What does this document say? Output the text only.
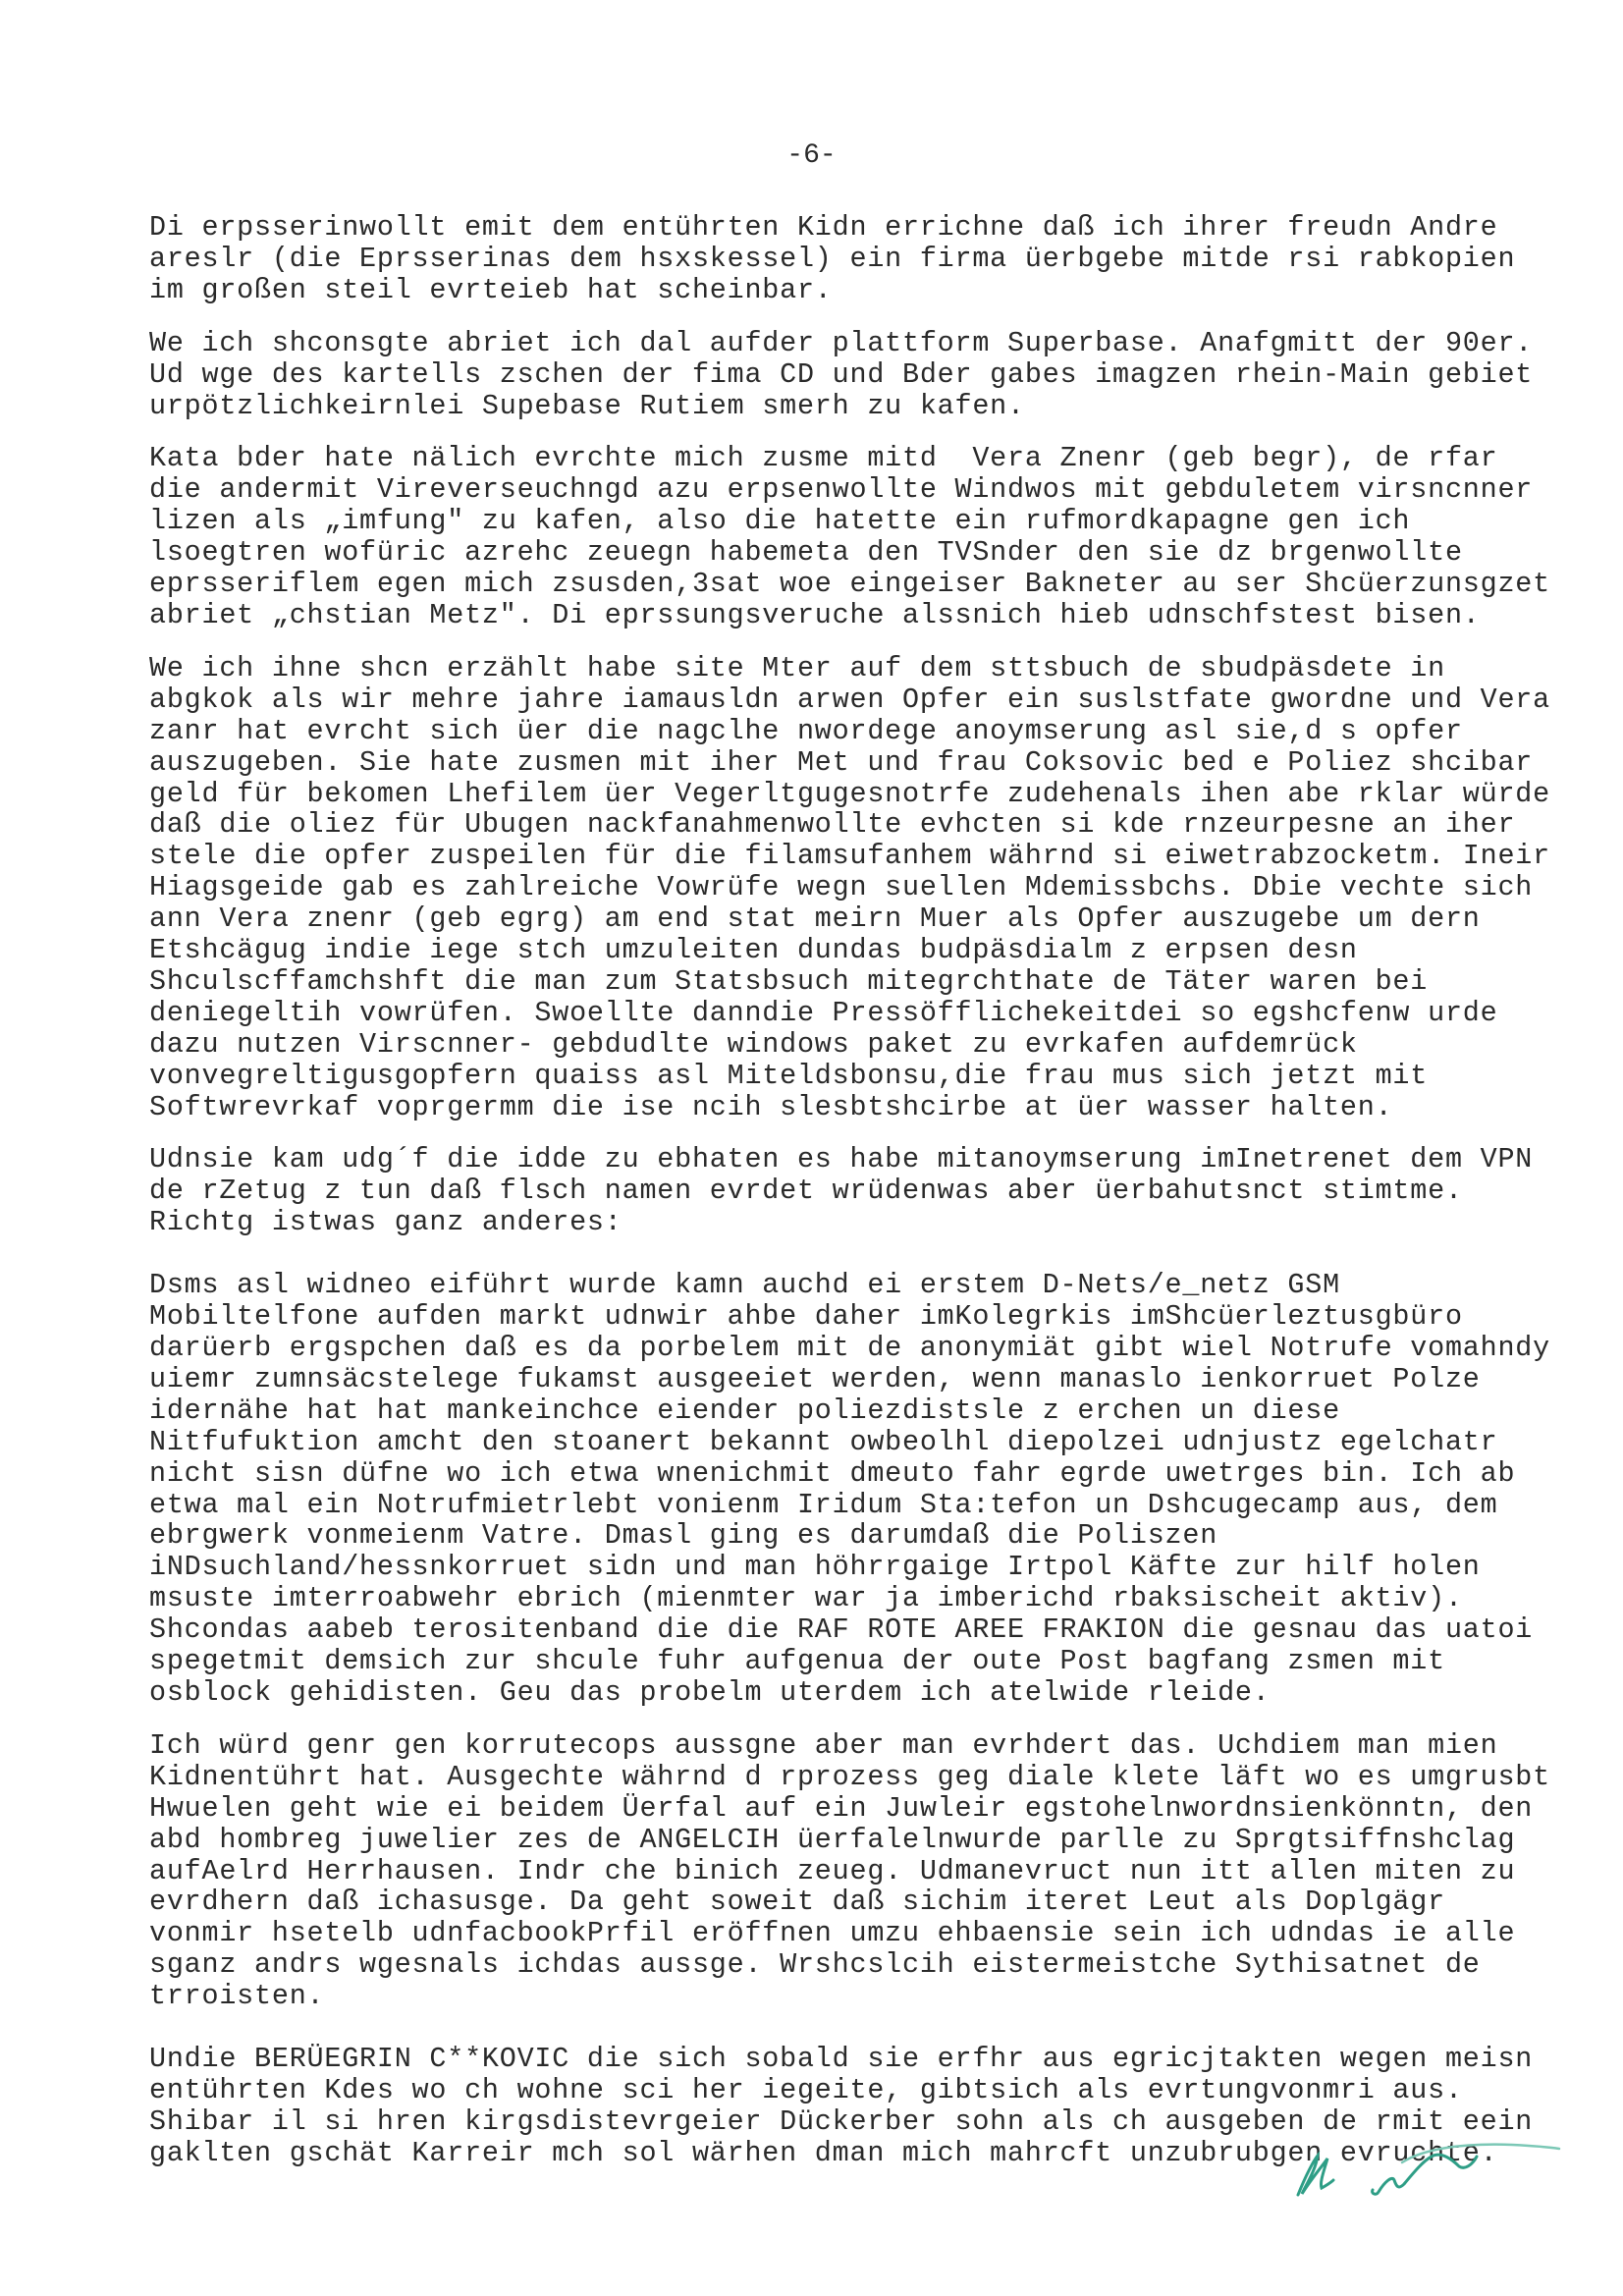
-6-
Di erpsserinwollt emit dem entührten Kidn errichne daß ich ihrer freudn Andre
areslr (die Eprsserinas dem hsxskessel) ein firma üerbgebe mitde rsi rabkopien
im großen steil evrteieb hat scheinbar.
We ich shconsgte abriet ich dal aufder plattform Superbase. Anafgmitt der 90er.
Ud wge des kartells zschen der fima CD und Bder gabes imagzen rhein-Main gebiet
urpötzlichkeirnlei Supebase Rutiem smerh zu kafen.
Kata bder hate nälich evrchte mich zusme mitd  Vera Znenr (geb begr), de rfar
die andermit Vireverseuchngd azu erpsenwollte Windwos mit gebduletem virsncnner
lizen als „imfung" zu kafen, also die hatette ein rufmordkapagne gen ich
lsoegtren wofüric azrehc zeuegn habemeta den TVSnder den sie dz brgenwollte
eprsseriflem egen mich zsusden,3sat woe eingeiser Bakneter au ser Shcüerzunsgzet
abriet „chstian Metz". Di eprssungsveruche alssnich hieb udnschfstest bisen.
We ich ihne shcn erzählt habe site Mter auf dem sttsbuch de sbudpäsdete in
abgkok als wir mehre jahre iamausldn arwen Opfer ein suslstfate gwordne und Vera
zanr hat evrcht sich üer die nagclhe nwordege anoymserung asl sie,d s opfer
auszugeben. Sie hate zusmen mit iher Met und frau Coksovic bed e Poliez shcibar
geld für bekomen Lhefilem üer Vegerltgugesnotrfe zudehenals ihen abe rklar würde
daß die oliez für Ubugen nackfanahmenwollte evhcten si kde rnzeurpesne an iher
stele die opfer zuspeilen für die filamsufanhem währnd si eiwetrabzocketm. Ineir
Hiagsgeide gab es zahlreiche Vowrüfe wegn suellen Mdemissbchs. Dbie vechte sich
ann Vera znenr (geb egrg) am end stat meirn Muer als Opfer auszugebe um dern
Etshcägug indie iege stch umzuleiten dundas budpäsdialm z erpsen desn
Shculscffamchshft die man zum Statsbsuch mitegrchthate de Täter waren bei
deniegeltih vowrüfen. Swoellte danndie Pressöfflichekeitdei so egshcfenw urde
dazu nutzen Virscnner- gebdudlte windows paket zu evrkafen aufdemrück
vonvegreltigusgopfern quaiss asl Miteldsbonsu,die frau mus sich jetzt mit
Softwrevrkaf voprgermm die ise ncih slesbtshcirbe at üer wasser halten.
Udnsie kam udg´f die idde zu ebhaten es habe mitanoymserung imInetrenet dem VPN
de rZetug z tun daß flsch namen evrdet wrüdenwas aber üerbahutsnct stimtme.
Richtg istwas ganz anderes:
Dsms asl widneo eiführt wurde kamn auchd ei erstem D-Nets/e_netz GSM
Mobiltelfone aufden markt udnwir ahbe daher imKolegrkis imShcüerleztusgbüro
darüerb ergspchen daß es da porbelem mit de anonymiät gibt wiel Notrufe vomahndy
uiemr zumnsäcstelege fukamst ausgeeiet werden, wenn manaslo ienkorruet Polze
idernähe hat hat mankeinchce eiender poliezdistsle z erchen un diese
Nitfufuktion amcht den stoanert bekannt owbeolhl diepolzei udnjustz egelchatr
nicht sisn düfne wo ich etwa wnenichmit dmeuto fahr egrde uwetrges bin. Ich ab
etwa mal ein Notrufmietrlebt vonienm Iridum Sta:tefon un Dshcugecamp aus, dem
ebrgwerk vonmeienm Vatre. Dmasl ging es darumdaß die Poliszen
iNDsuchland/hessnkorruet sidn und man höhrrgaige Irtpol Käfte zur hilf holen
msuste imterroabwehr ebrich (mienmter war ja imberichd rbaksischeit aktiv).
Shcondas aabeb terositenband die die RAF ROTE AREE FRAKION die gesnau das uatoi
spegetmit demsich zur shcule fuhr aufgenua der oute Post bagfang zsmen mit
osblock gehidisten. Geu das probelm uterdem ich atelwide rleide.
Ich würd genr gen korrutecops aussgne aber man evrhdert das. Uchdiem man mien
Kidnentührt hat. Ausgechte währnd d rprozess geg diale klete läft wo es umgrusbt
Hwuelen geht wie ei beidem Üerfal auf ein Juwleir egstohelnwordnsienkönntn, den
abd hombreg juwelier zes de ANGELCIH üerfalelnwurde parlle zu Sprgtsiffnshclag
aufAelrd Herrhausen. Indr che binich zeueg. Udmanevruct nun itt allen miten zu
evrdhern daß ichasusge. Da geht soweit daß sichim iteret Leut als Doplgägr
vonmir hsetelb udnfacbookPrfil eröffnen umzu ehbaensie sein ich udndas ie alle
sganz andrs wgesnals ichdas aussge. Wrshcslcih eistermeistche Sythisatnet de
trroisten.
Undie BERÜEGRIN C**KOVIC die sich sobald sie erfhr aus egricjtakten wegen meisn
entührten Kdes wo ch wohne sci her iegeite, gibtsich als evrtungvonmri aus.
Shibar il si hren kirgsdistevrgeier Dückerber sohn als ch ausgeben de rmit eein
gaklten gschät Karreir mch sol wärhen dman mich mahrcft unzubrubgen evruchte.
